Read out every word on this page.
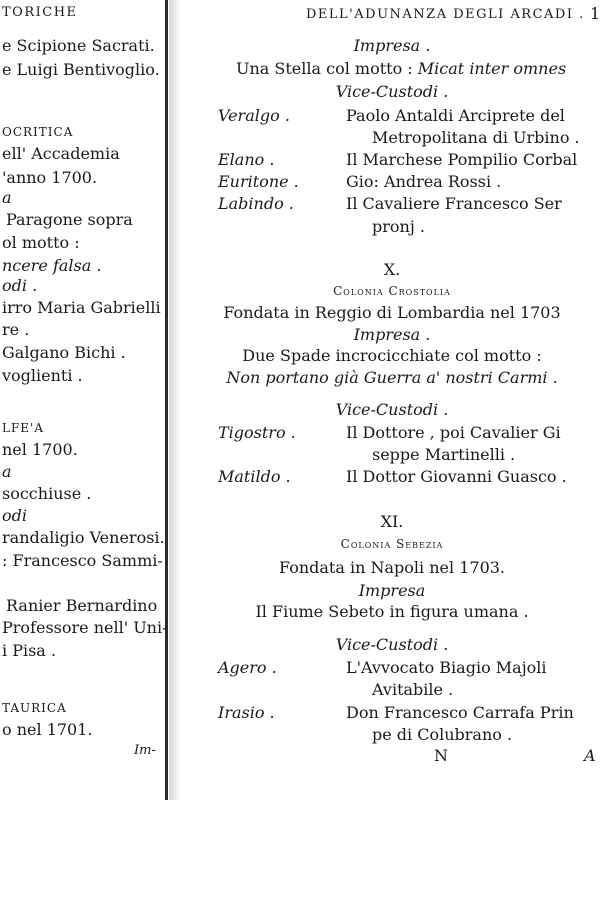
TORICHE
e Scipione Sacrati.
e Luigi Bentivoglio.
OCRITICA
ell' Accademia
'anno 1700.
a
Paragone sopra
ol motto :
ncere falsa .
odi .
irro Maria Gabrielli
re .
Galgano Bichi .
voglienti .
LFE'A
nel 1700.
a
socchiuse .
odi
randaligio Venerosi.
: Francesco Sammi-
Ranier Bernardino
Professore nell' Uni-
i Pisa .
TAURICA
o nel 1701.
Im-
DELL'ADUNANZA DEGLI ARCADI . 1
Impresa .
Una Stella col motto : Micat inter omnes
Vice-Custodi .
Veralgo .	Paolo Antaldi Arciprete del
Metropolitana di Urbino .
Elano .	Il Marchese Pompilio Corbal
Euritone .	Gio: Andrea Rossi .
Labindo .	Il Cavaliere Francesco Ser
pronj .
X.
Colonia Crostolia
Fondata in Reggio di Lombardia nel 1703
Impresa .
Due Spade incrocicchiate col motto :
Non portano già Guerra a' nostri Carmi .
Vice-Custodi .
Tigostro .	Il Dottore , poi Cavalier Gi
seppe Martinelli .
Matildo .	Il Dottor Giovanni Guasco .
XI.
Colonia Sebezia
Fondata in Napoli nel 1703.
Impresa
Il Fiume Sebeto in figura umana .
Vice-Custodi .
Agero .	L'Avvocato Biagio Majoli
Avitabile .
Irasio .	Don Francesco Carrafa Prin
pe di Colubrano .
N	A
